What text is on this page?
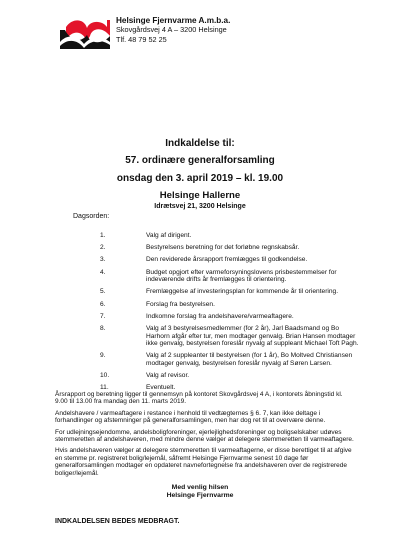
Helsinge Fjernvarme A.m.b.a.
Skovgårdsvej 4 A – 3200 Helsinge
Tlf. 48 79 52 25
Indkaldelse til:
57. ordinære generalforsamling
onsdag den 3. april 2019 – kl. 19.00
Helsinge Hallerne
Idrætsvej 21, 3200 Helsinge
Dagsorden:
1.	Valg af dirigent.
2.	Bestyrelsens beretning for det forløbne regnskabsår.
3.	Den reviderede årsrapport fremlægges til godkendelse.
4.	Budget opgjort efter varmeforsyningslovens prisbestemmelser for indeværende drifts år fremlægges til orientering.
5.	Fremlæggelse af investeringsplan for kommende år til orientering.
6.	Forslag fra bestyrelsen.
7.	Indkomne forslag fra andelshavere/varmeaftagere.
8.	Valg af 3 bestyrelsesmedlemmer (for 2 år), Jarl Baadsmand og Bo Harhorn afgår efter tur, men modtager genvalg. Brian Hansen modtager ikke genvalg, bestyrelsen foreslår nyvalg af suppleant Michael Toft Pagh.
9.	Valg af 2 suppleanter til bestyrelsen (for 1 år), Bo Moltved Christiansen modtager genvalg, bestyrelsen foreslår nyvalg af Søren Larsen.
10.	Valg af revisor.
11.	Eventuelt.

Årsrapport og beretning ligger til gennemsyn på kontoret Skovgårdsvej 4 A, i kontorets åbningstid kl. 9.00 til 13.00 fra mandag den 11. marts 2019.

Andelshavere / varmeaftagere i restance i henhold til vedtægternes § 6. 7, kan ikke deltage i forhandlinger og afstemninger på generalforsamlingen, men har dog ret til at overvære denne.

For udlejningsejendomme, andelsboligforeninger, ejerlejlighedsforeninger og boligselskaber udøves stemmeretten af andelshaveren, med mindre denne vælger at delegere stemmeretten til varmeaftagere.

Hvis andelshaveren vælger at delegere stemmeretten til varmeaftagerne, er disse berettiget til at afgive en stemme pr. registreret bolig/lejemål, såfremt Helsinge Fjernvarme senest 10 dage før generalforsamlingen modtager en opdateret navnefortegnelse fra andelshaveren over de registrerede boliger/lejemål.

Med venlig hilsen
Helsinge Fjernvarme
INDKALDELSEN BEDES MEDBRAGT.
